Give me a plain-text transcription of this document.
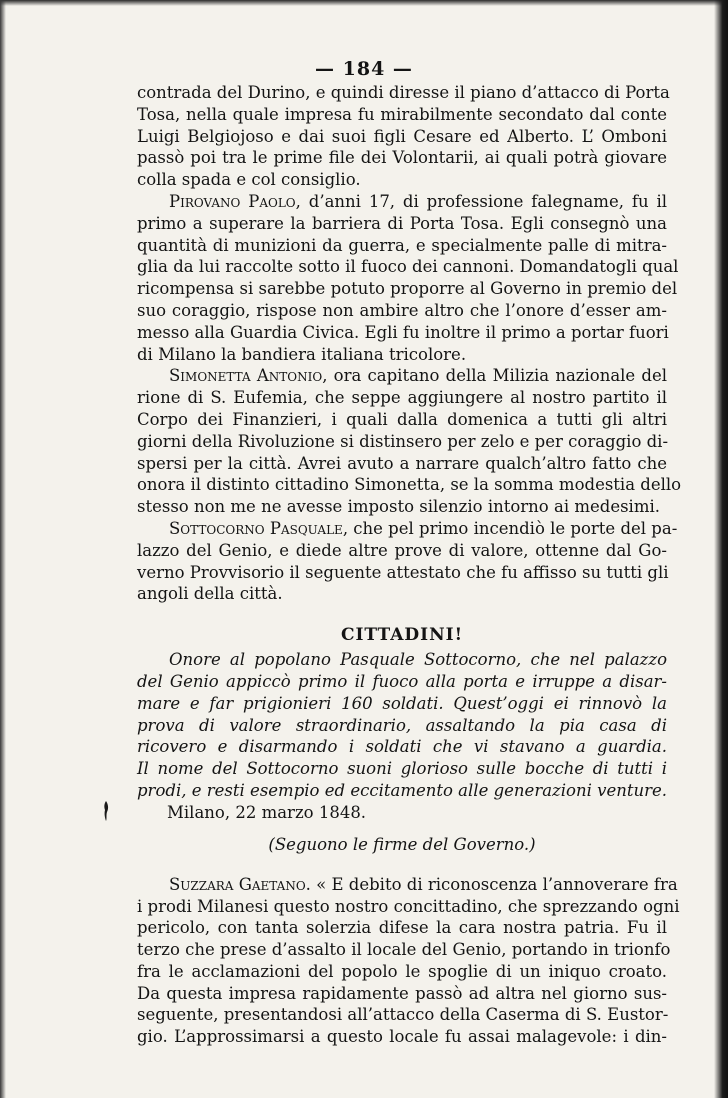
— 184 —
contrada del Durino, e quindi diresse il piano d’attacco di Porta
Tosa, nella quale impresa fu mirabilmente secondato dal conte
Luigi Belgiojoso e dai suoi figli Cesare ed Alberto. L’ Omboni
passò poi tra le prime file dei Volontarii, ai quali potrà giovare
colla spada e col consiglio.
Pirovano Paolo, d’anni 17, di professione falegname, fu il
primo a superare la barriera di Porta Tosa. Egli consegnò una
quantità di munizioni da guerra, e specialmente palle di mitra-
glia da lui raccolte sotto il fuoco dei cannoni. Domandatogli qual
ricompensa si sarebbe potuto proporre al Governo in premio del
suo coraggio, rispose non ambire altro che l’onore d’esser am-
messo alla Guardia Civica. Egli fu inoltre il primo a portar fuori
di Milano la bandiera italiana tricolore.
Simonetta Antonio, ora capitano della Milizia nazionale del
rione di S. Eufemia, che seppe aggiungere al nostro partito il
Corpo dei Finanzieri, i quali dalla domenica a tutti gli altri
giorni della Rivoluzione si distinsero per zelo e per coraggio di-
spersi per la città. Avrei avuto a narrare qualch’altro fatto che
onora il distinto cittadino Simonetta, se la somma modestia dello
stesso non me ne avesse imposto silenzio intorno ai medesimi.
Sottocorno Pasquale, che pel primo incendiò le porte del pa-
lazzo del Genio, e diede altre prove di valore, ottenne dal Go-
verno Provvisorio il seguente attestato che fu affisso su tutti gli
angoli della città.
CITTADINI!
Onore al popolano Pasquale Sottocorno, che nel palazzo
del Genio appiccò primo il fuoco alla porta e irruppe a disar-
mare e far prigionieri 160 soldati. Quest’oggi ei rinnovò la
prova di valore straordinario, assaltando la pia casa di
ricovero e disarmando i soldati che vi stavano a guardia.
Il nome del Sottocorno suoni glorioso sulle bocche di tutti i
prodi, e resti esempio ed eccitamento alle generazioni venture.
Milano, 22 marzo 1848.
(Seguono le firme del Governo.)
Suzzara Gaetano. « E debito di riconoscenza l’annoverare fra
i prodi Milanesi questo nostro concittadino, che sprezzando ogni
pericolo, con tanta solerzia difese la cara nostra patria. Fu il
terzo che prese d’assalto il locale del Genio, portando in trionfo
fra le acclamazioni del popolo le spoglie di un iniquo croato.
Da questa impresa rapidamente passò ad altra nel giorno sus-
seguente, presentandosi all’attacco della Caserma di S. Eustor-
gio. L’approssimarsi a questo locale fu assai malagevole: i din-
